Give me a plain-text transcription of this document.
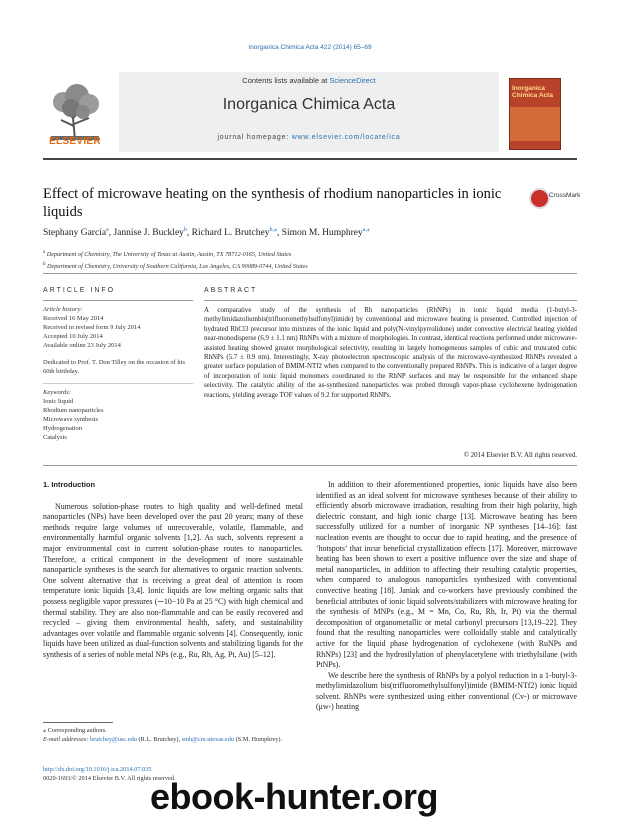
Inorganica Chimica Acta 422 (2014) 65–69
ELSEVIER
Contents lists available at ScienceDirect
Inorganica Chimica Acta
journal homepage: www.elsevier.com/locate/ica
Inorganica Chimica Acta
Effect of microwave heating on the synthesis of rhodium nanoparticles in ionic liquids
CrossMark
Stephany García$^a$, Jannise J. Buckley$^b$, Richard L. Brutchey$^{b,⁎}$, Simon M. Humphrey$^{a,⁎}$
$^a$ Department of Chemistry, The University of Texas at Austin, Austin, TX 78712-0165, United States
$^b$ Department of Chemistry, University of Southern California, Los Angeles, CA 90089-0744, United States
ARTICLE INFO
Article history:
Received 16 May 2014
Received in revised form 9 July 2014
Accepted 10 July 2014
Available online 23 July 2014
Dedicated to Prof. T. Don Tilley on the occasion of his 60th birthday.
Keywords:
Ionic liquid
Rhodium nanoparticles
Microwave synthesis
Hydrogenation
Catalysis
ABSTRACT
A comparative study of the synthesis of Rh nanoparticles (RhNPs) in ionic liquid media (1-butyl-3-methylimidazoliumbis(trifluoromethylsulfonyl)imide) by conventional and microwave heating is presented. Controlled injection of hydrated RhCl3 precursor into mixtures of the ionic liquid and poly(N-vinylpyrrolidone) under convective electrical heating yielded near-monodisperse (6.9 ± 1.1 nm) RhNPs with a mixture of morphologies. In contrast, identical reactions performed under microwave-assisted heating showed greater morphological selectivity, resulting in largely homogeneous samples of cubic and truncated cubic RhNPs (5.7 ± 0.9 nm). Interestingly, X-ray photoelectron spectroscopic analysis of the microwave-synthesized RhNPs revealed a greater surface population of BMIM-NTf2 when compared to the conventionally prepared RhNPs. This is indicative of a larger degree of incorporation of ionic liquid monomers coordinated to the RhNP surfaces and may be responsible for the enhanced shape selectivity. The catalytic ability of the as-synthesized nanoparticles was probed through vapor-phase cyclohexene hydrogenation reactions, yielding average TOF values of 9.2 for supported RhNPs.
© 2014 Elsevier B.V. All rights reserved.
1. Introduction

Numerous solution-phase routes to high quality and well-defined metal nanoparticles (NPs) have been developed over the past 20 years; many of these methods require large volumes of unrecoverable, volatile, flammable, and environmentally harmful organic solvents [1,2]. As such, solvents represent a major environmental cost in current solution-phase routes to nanoparticles. Therefore, a critical component in the development of more sustainable nanoparticle syntheses is the search for alternatives to organic reaction solvents. One solvent alternative that is receiving a great deal of attention is room temperature ionic liquids [3,4]. Ionic liquids are low melting organic salts that possess negligible vapor pressures (∼10−10 Pa at 25 °C) with high chemical and thermal stability. They are also non-flammable and can be easily recovered and recycled – giving them environmental health, safety, and sustainability advantages over volatile and flammable organic solvents [4]. Consequently, ionic liquids have been utilized as dual-function solvents and stabilizing ligands for the synthesis of a series of noble metal NPs (e.g., Ru, Rh, Ag, Pt, Au) [5–12].

In addition to their aforementioned properties, ionic liquids have also been identified as an ideal solvent for microwave syntheses because of their ability to efficiently absorb microwave irradiation, resulting from their high polarity, high dielectric constant, and high ionic charge [13]. Microwave heating has been successfully utilized for a number of inorganic NP syntheses [14–16]: fast nucleation events are thought to occur due to rapid heating, and the presence of ‘hotspots’ that incur beneficial crystallization effects [17]. Moreover, microwave heating has been shown to exert a positive influence over the size and shape of metal nanoparticles, in addition to affecting their resulting catalytic properties, when compared to analogous nanoparticles synthesized with conventional convective heating [18]. Janiak and co-workers have previously combined the beneficial attributes of ionic liquid solvents/stabilizers with microwave heating for the synthesis of MNPs (e.g., M = Mn, Co, Ru, Rh, Ir, Pt) via the thermal decomposition of organometallic or metal carbonyl precursors [13,19–22]. They found that the resulting nanoparticles were colloidally stable and catalytically active for the liquid phase hydrogenation of cyclohexene (with RuNPs and RhNPs) [23] and the hydrosilylation of phenylacetylene with triethylsilane (with PtNPs).

We describe here the synthesis of RhNPs by a polyol reduction in a 1-butyl-3-methylimidazolium bis(trifluoromethylsulfonyl)imide (BMIM-NTf2) ionic liquid solvent. RhNPs were synthesized using either conventional (Cv-) or microwave (μw-) heating

⁎ Corresponding authors.
E-mail addresses: brutchey@usc.edu (R.L. Brutchey), smh@cm.utexas.edu (S.M. Humphrey).
http://dx.doi.org/10.1016/j.ica.2014.07.035
0020-1693/© 2014 Elsevier B.V. All rights reserved.
ebook-hunter.org
